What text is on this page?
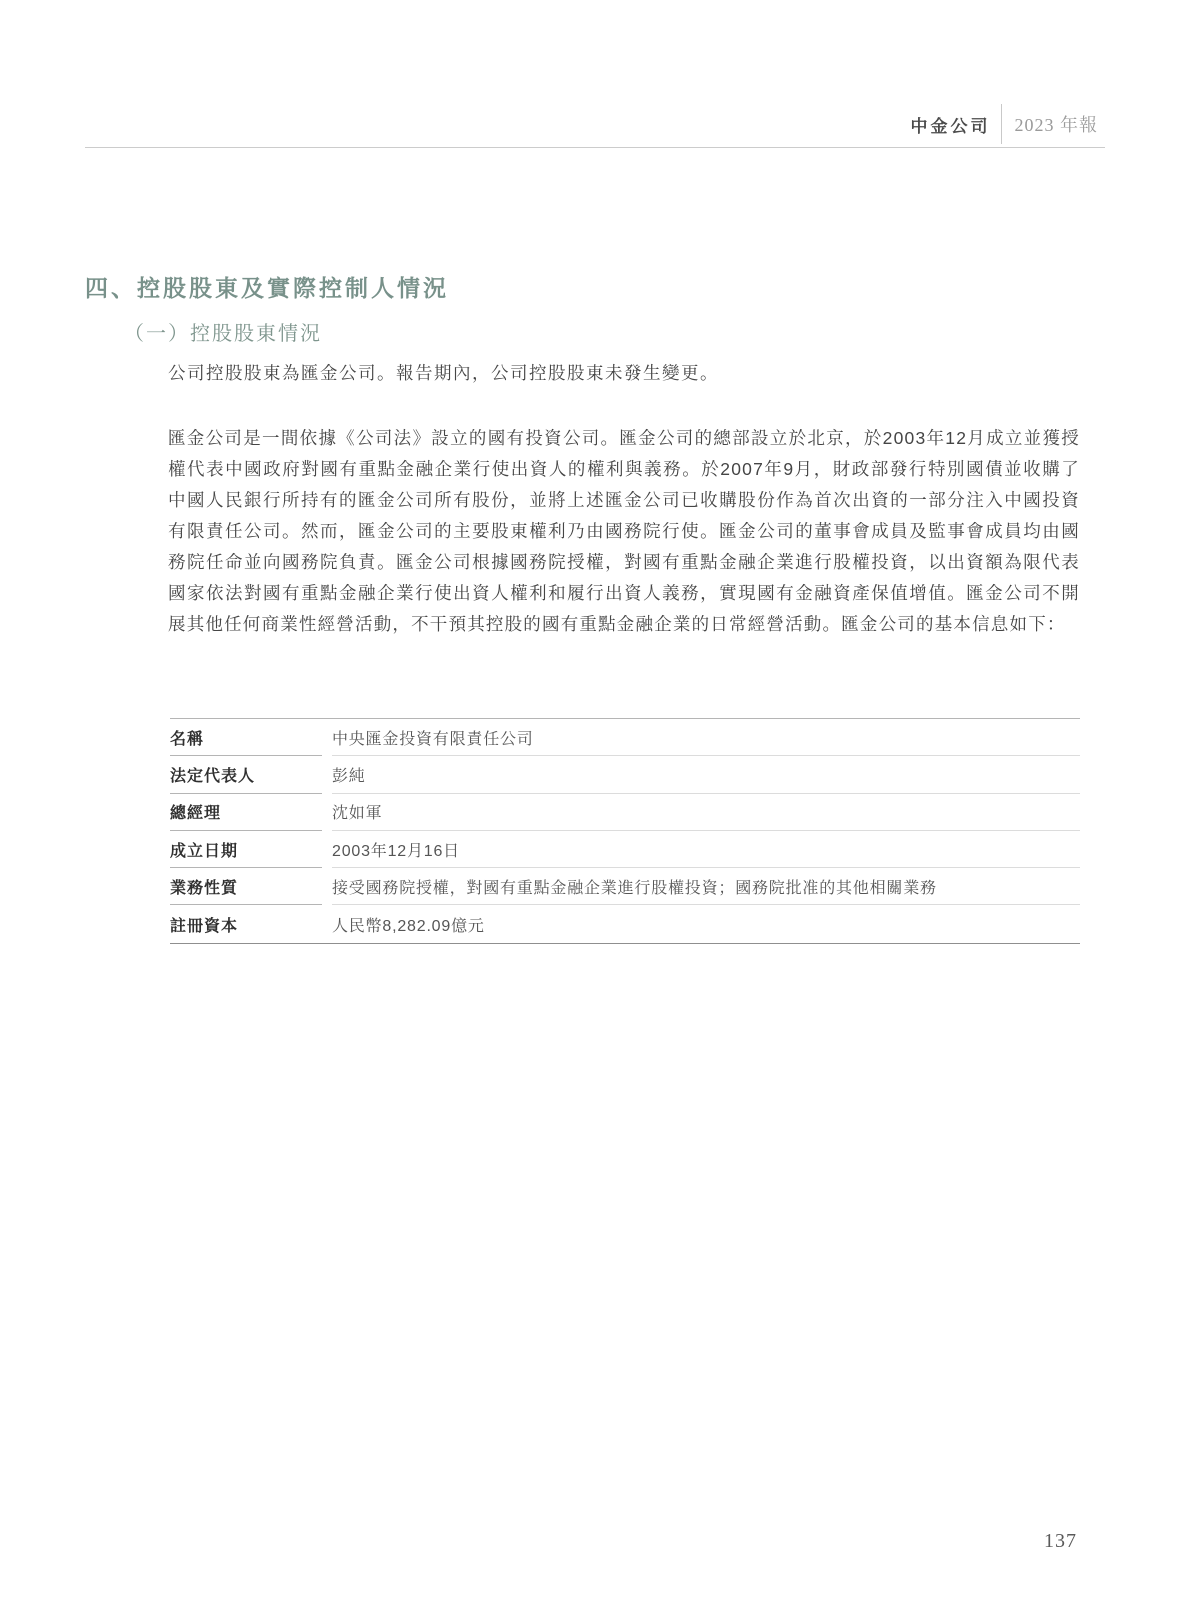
中金公司 2023 年報
四、控股股東及實際控制人情況
（一）控股股東情況

公司控股股東為匯金公司。報告期內，公司控股股東未發生變更。

匯金公司是一間依據《公司法》設立的國有投資公司。匯金公司的總部設立於北京，於2003年12月成立並獲授權代表中國政府對國有重點金融企業行使出資人的權利與義務。於2007年9月，財政部發行特別國債並收購了中國人民銀行所持有的匯金公司所有股份，並將上述匯金公司已收購股份作為首次出資的一部分注入中國投資有限責任公司。然而，匯金公司的主要股東權利乃由國務院行使。匯金公司的董事會成員及監事會成員均由國務院任命並向國務院負責。匯金公司根據國務院授權，對國有重點金融企業進行股權投資，以出資額為限代表國家依法對國有重點金融企業行使出資人權利和履行出資人義務，實現國有金融資產保值增值。匯金公司不開展其他任何商業性經營活動，不干預其控股的國有重點金融企業的日常經營活動。匯金公司的基本信息如下：

名稱	中央匯金投資有限責任公司
法定代表人	彭純
總經理	沈如軍
成立日期	2003年12月16日
業務性質	接受國務院授權，對國有重點金融企業進行股權投資；國務院批准的其他相關業務
註冊資本	人民幣8,282.09億元
137
